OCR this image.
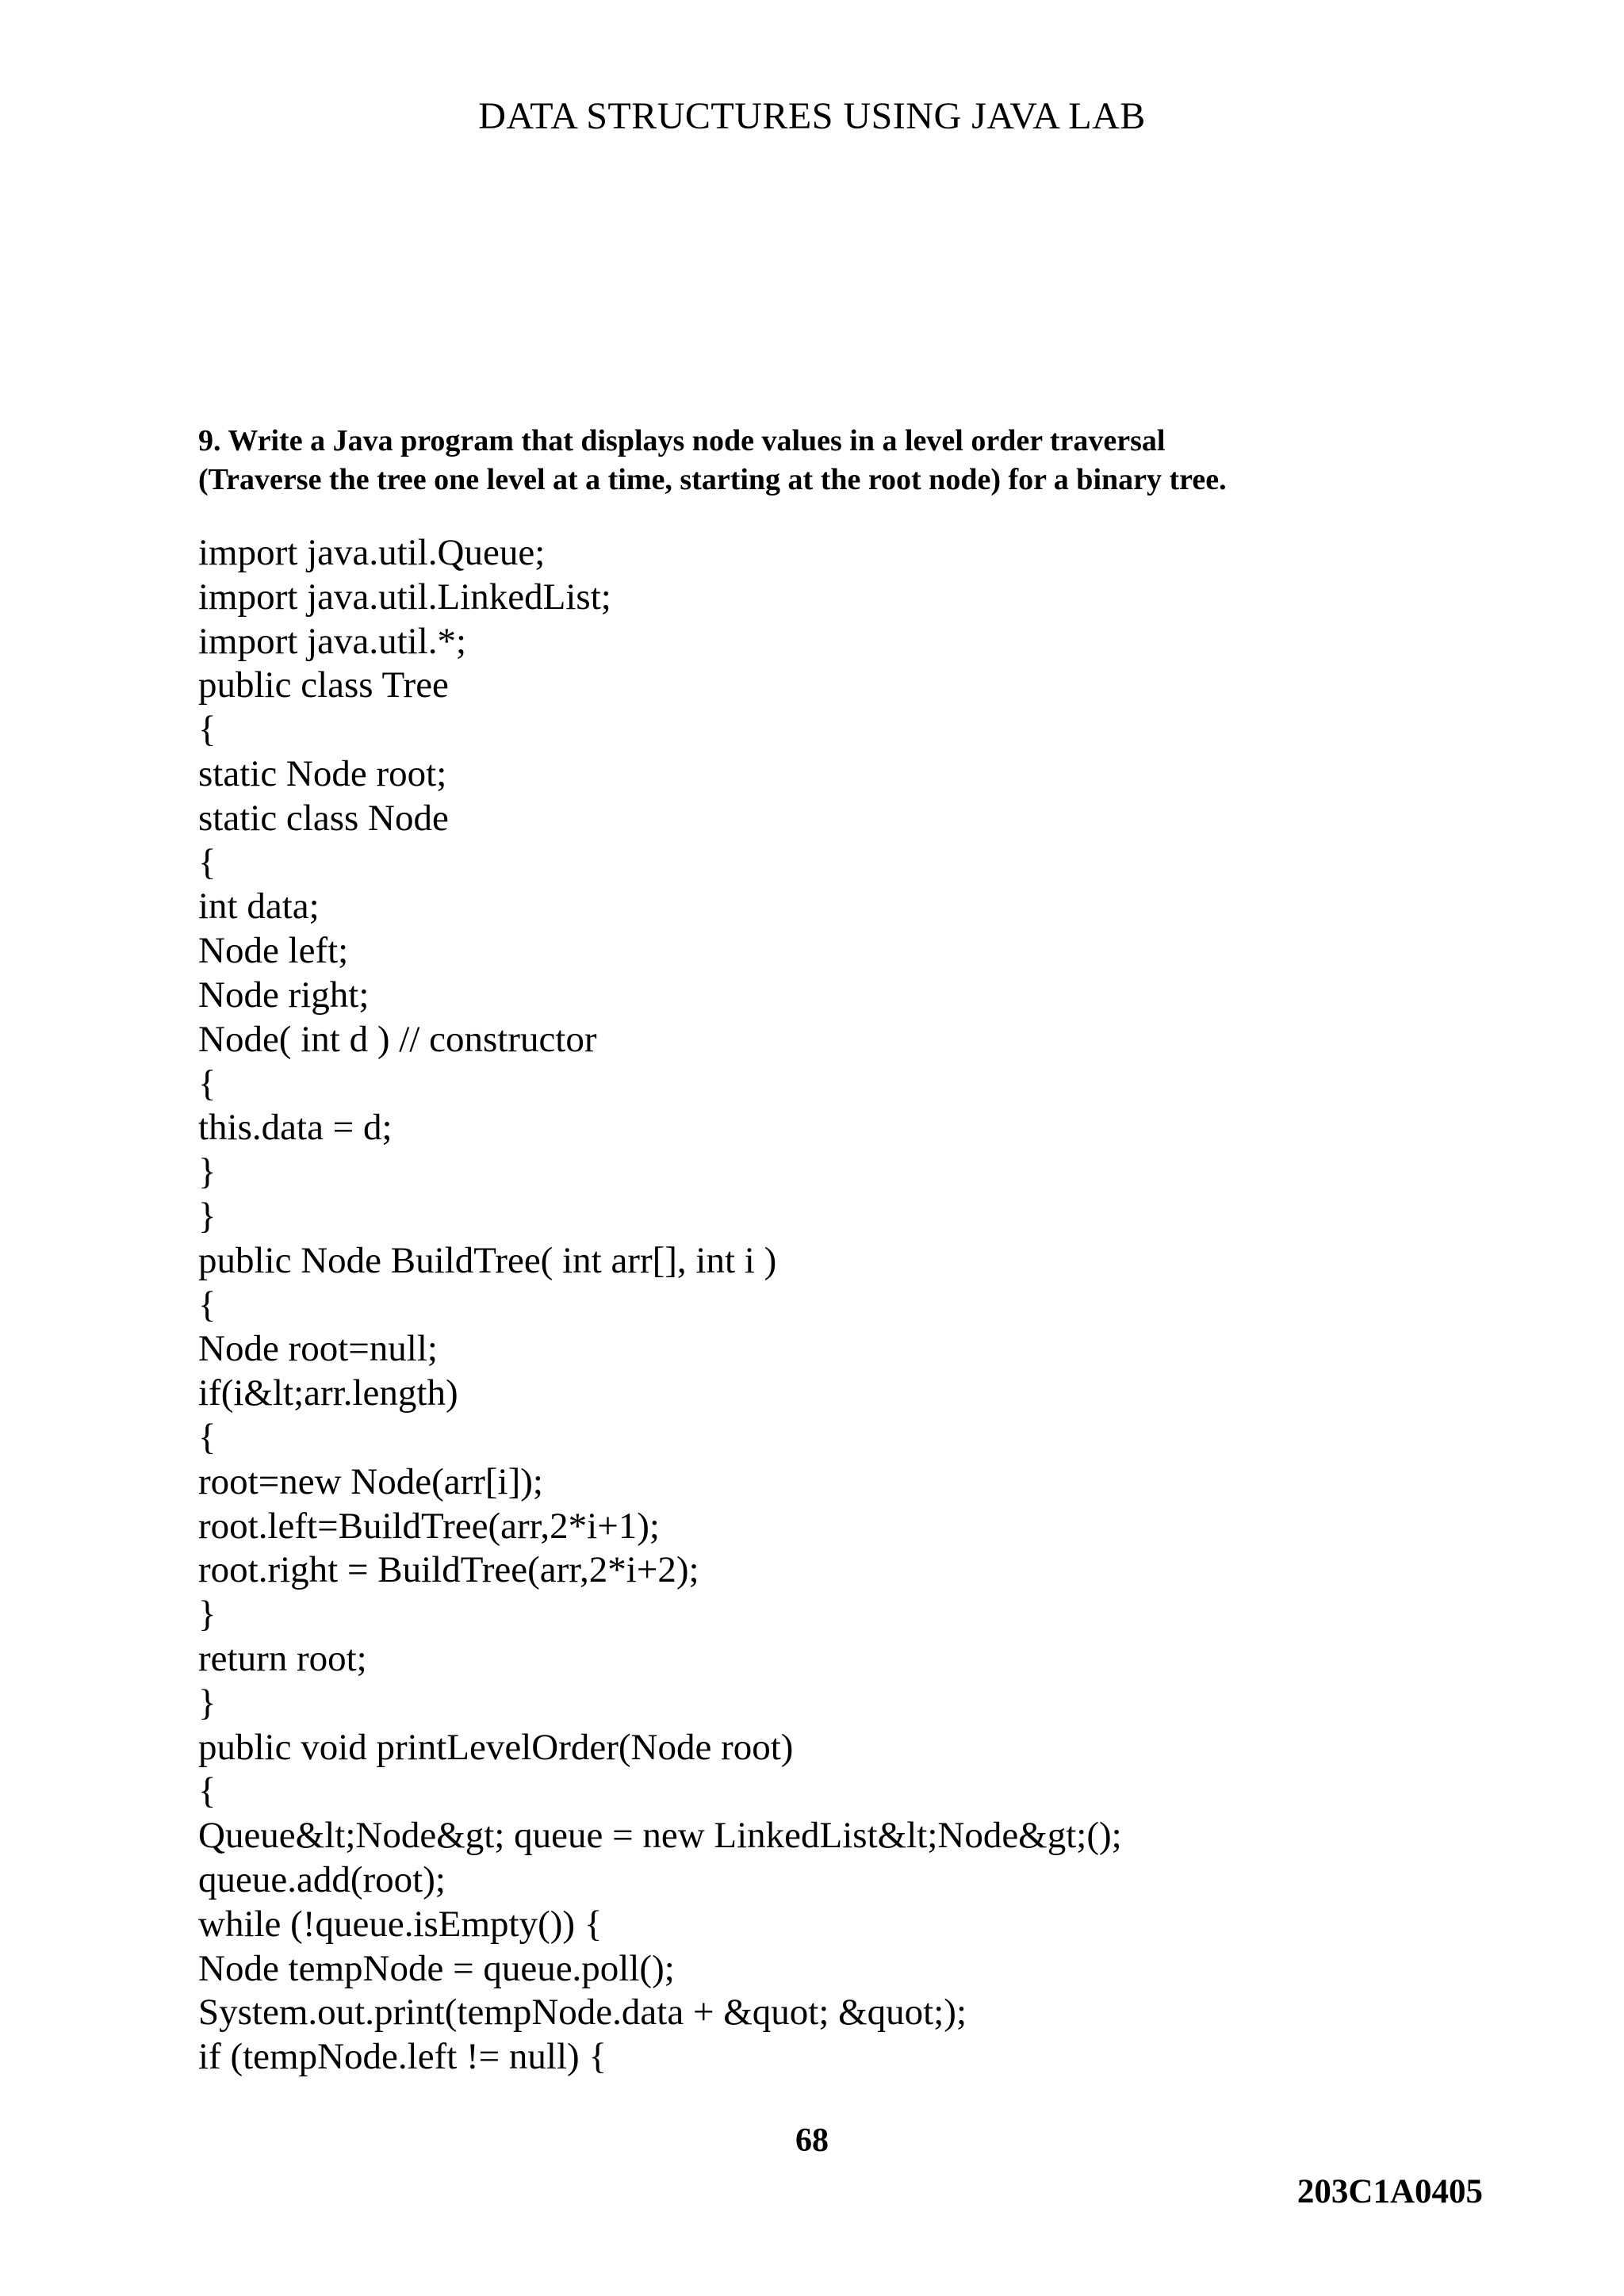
DATA STRUCTURES USING JAVA LAB
9. Write a Java program that displays node values in a level order traversal
(Traverse the tree one level at a time, starting at the root node) for a binary tree.
import java.util.Queue;
import java.util.LinkedList;
import java.util.*;
public class Tree
{
static Node root;
static class Node
{
int data;
Node left;
Node right;
Node( int d ) // constructor
{
this.data = d;
}
}
public Node BuildTree( int arr[], int i )
{
Node root=null;
if(i&lt;arr.length)
{
root=new Node(arr[i]);
root.left=BuildTree(arr,2*i+1);
root.right = BuildTree(arr,2*i+2);
}
return root;
}
public void printLevelOrder(Node root)
{
Queue&lt;Node&gt; queue = new LinkedList&lt;Node&gt;();
queue.add(root);
while (!queue.isEmpty()) {
Node tempNode = queue.poll();
System.out.print(tempNode.data + &quot; &quot;);
if (tempNode.left != null) {
68
203C1A0405
